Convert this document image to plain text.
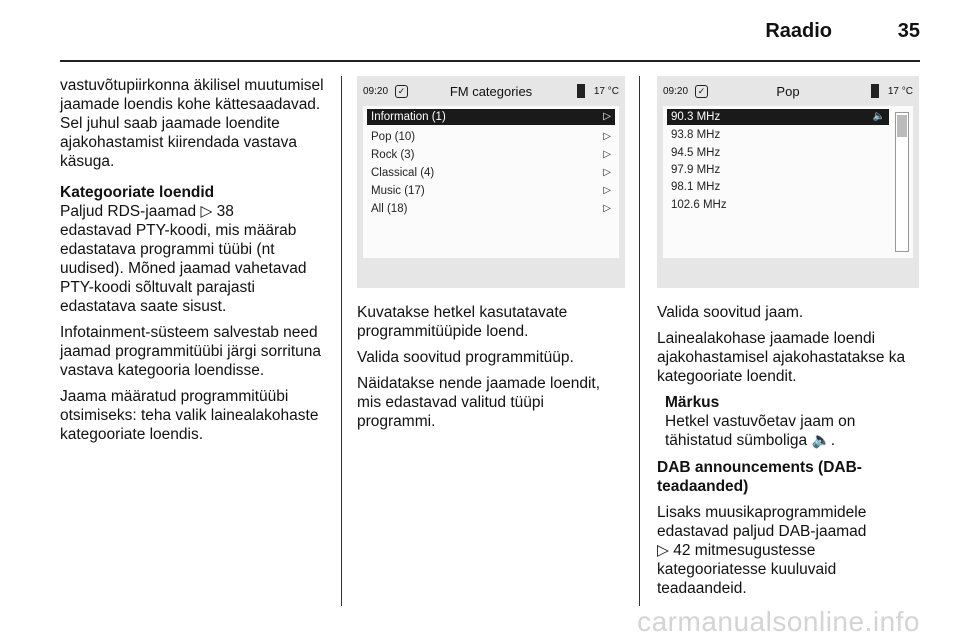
Raadio	35

vastuvõtupiirkonna äkilisel muutumisel jaamade loendis kohe kättesaadavad. Sel juhul saab jaamade loendite ajakohastamist kiirendada vastava käsuga.

Kategooriate loendid
Paljud RDS-jaamad ▷ 38
edastavad PTY-koodi, mis määrab edastatava programmi tüübi (nt uudised). Mõned jaamad vahetavad PTY-koodi sõltuvalt parajasti edastatava saate sisust.

Infotainment-süsteem salvestab need jaamad programmitüübi järgi sorrituna vastava kategooria loendisse.

Jaama määratud programmitüübi otsimiseks: teha valik lainealakohaste kategooriate loendis.

09:20	✓	FM categories	17 °C
Information (1)	▷
Pop (10)	▷
Rock (3)	▷
Classical (4)	▷
Music (17)	▷
All (18)	▷

Kuvatakse hetkel kasutatavate programmitüüpide loend.

Valida soovitud programmitüüp.

Näidatakse nende jaamade loendit, mis edastavad valitud tüüpi programmi.

09:20	✓	Pop	17 °C
90.3 MHz	🔈
93.8 MHz
94.5 MHz
97.9 MHz
98.1 MHz
102.6 MHz

Valida soovitud jaam.

Lainealakohase jaamade loendi ajakohastamisel ajakohastatakse ka kategooriate loendit.

Märkus
Hetkel vastuvõetav jaam on tähistatud sümboliga 🔈.

DAB announcements (DAB-teadaanded)

Lisaks muusikaprogrammidele edastavad paljud DAB-jaamad
▷ 42 mitmesugustesse kategooriatesse kuuluvaid teadaandeid.

carmanualsonline.info
